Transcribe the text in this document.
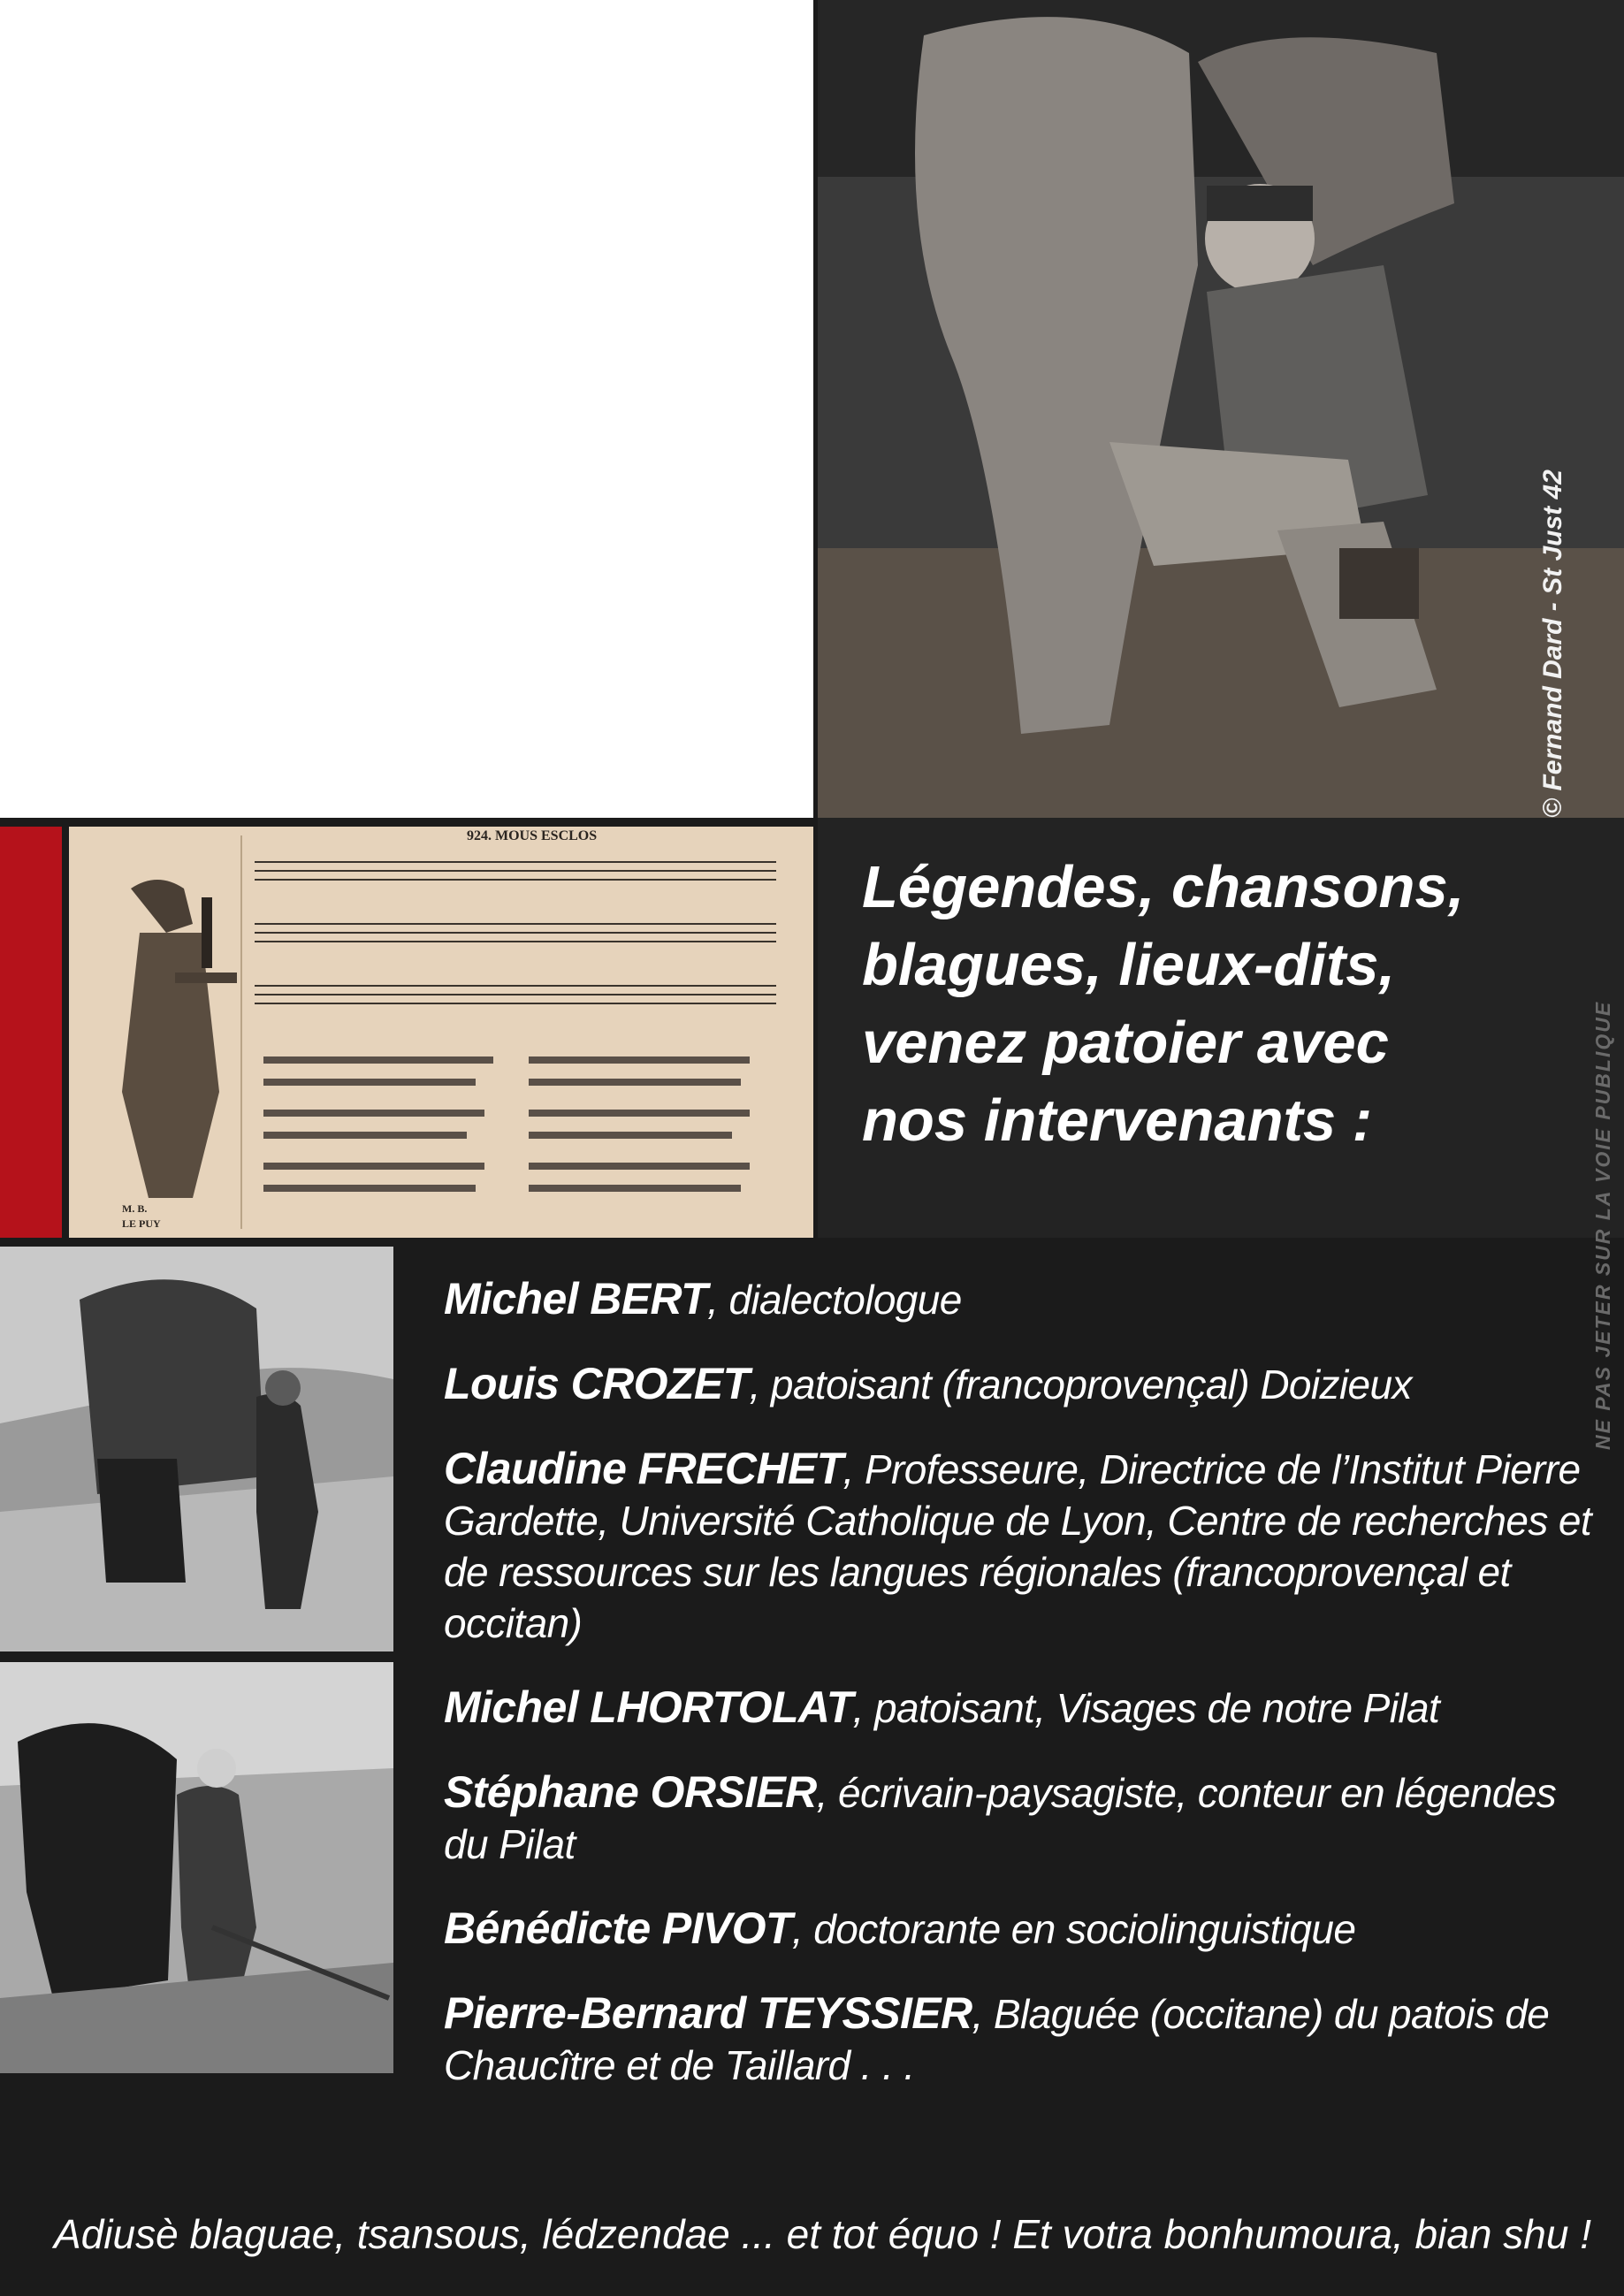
© Fernand Dard - St Just 42
924. MOUS ESCLOS
M. B.
LE PUY
Légendes, chansons,
blagues, lieux-dits,
venez patoier avec
nos intervenants :	NE PAS JETER SUR LA VOIE PUBLIQUE
Michel BERT, dialectologue
Louis CROZET, patoisant (francoprovençal) Doizieux
Claudine FRECHET, Professeure, Directrice de l’Institut Pierre Gardette, Université Catholique de Lyon, Centre de recherches et de ressources sur les langues régionales (francoprovençal et occitan)
Michel LHORTOLAT, patoisant, Visages de notre Pilat
Stéphane ORSIER, écrivain-paysagiste, conteur en légendes du Pilat
Bénédicte PIVOT, doctorante en sociolinguistique
Pierre-Bernard TEYSSIER, Blaguée (occitane) du patois de Chaucître et de Taillard . . .
Adiusè blaguae, tsansous, lédzendae ... et tot équo ! Et votra bonhumoura, bian shu !
